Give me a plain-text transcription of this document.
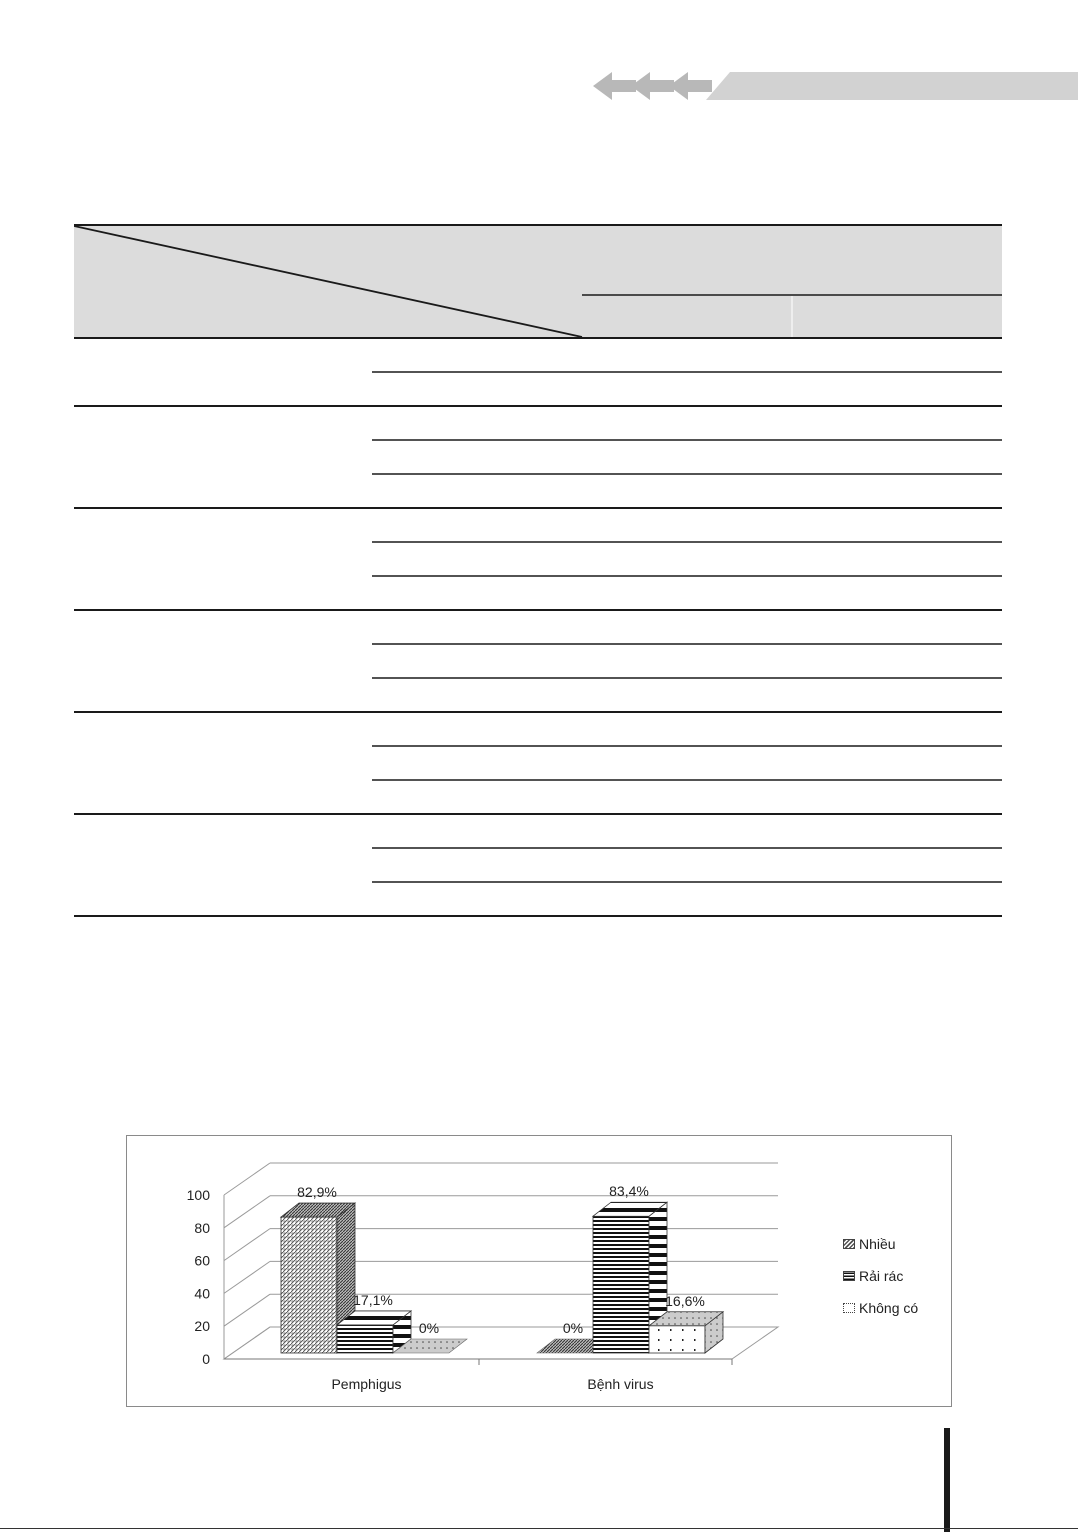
0
20
40
60
80
100
Pemphigus
82,9%
17,1%
0%
Bệnh virus
0%
83,4%
16,6%
Nhiều
Rải rác
Không có
